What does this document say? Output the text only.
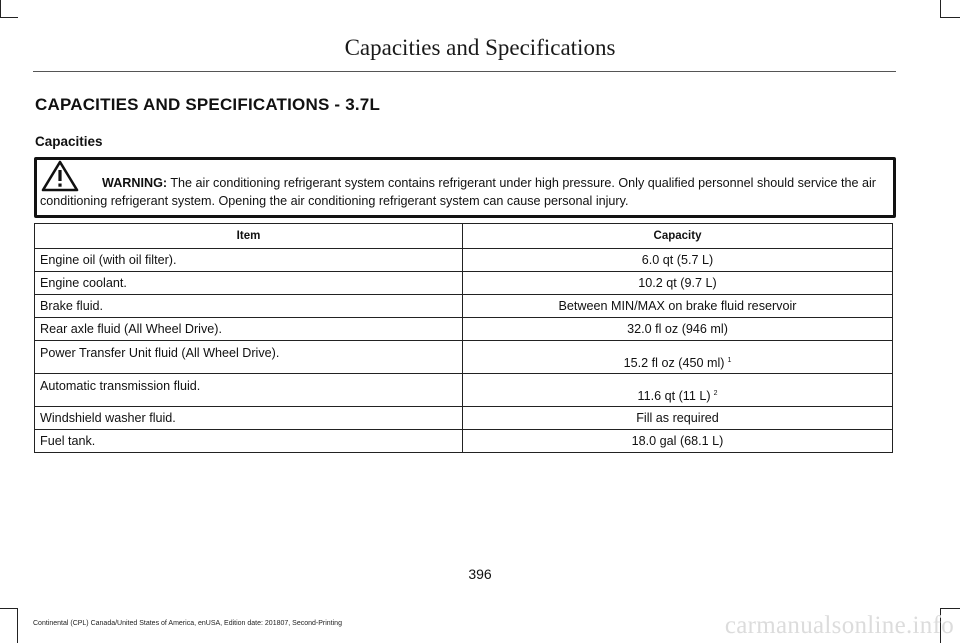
Capacities and Specifications
CAPACITIES AND SPECIFICATIONS - 3.7L
Capacities
WARNING: The air conditioning refrigerant system contains refrigerant under high pressure. Only qualified personnel should service the air conditioning refrigerant system. Opening the air conditioning refrigerant system can cause personal injury.
Item	Capacity
Engine oil (with oil filter).	6.0 qt (5.7 L)
Engine coolant.	10.2 qt (9.7 L)
Brake fluid.	Between MIN/MAX on brake fluid reservoir
Rear axle fluid (All Wheel Drive).	32.0 fl oz (946 ml)
Power Transfer Unit fluid (All Wheel Drive).	15.2 fl oz (450 ml) $^1$
Automatic transmission fluid.	11.6 qt (11 L) $^2$
Windshield washer fluid.	Fill as required
Fuel tank.	18.0 gal (68.1 L)
396
Continental (CPL) Canada/United States of America, enUSA, Edition date: 201807, Second-Printing	carmanualsonline.info
